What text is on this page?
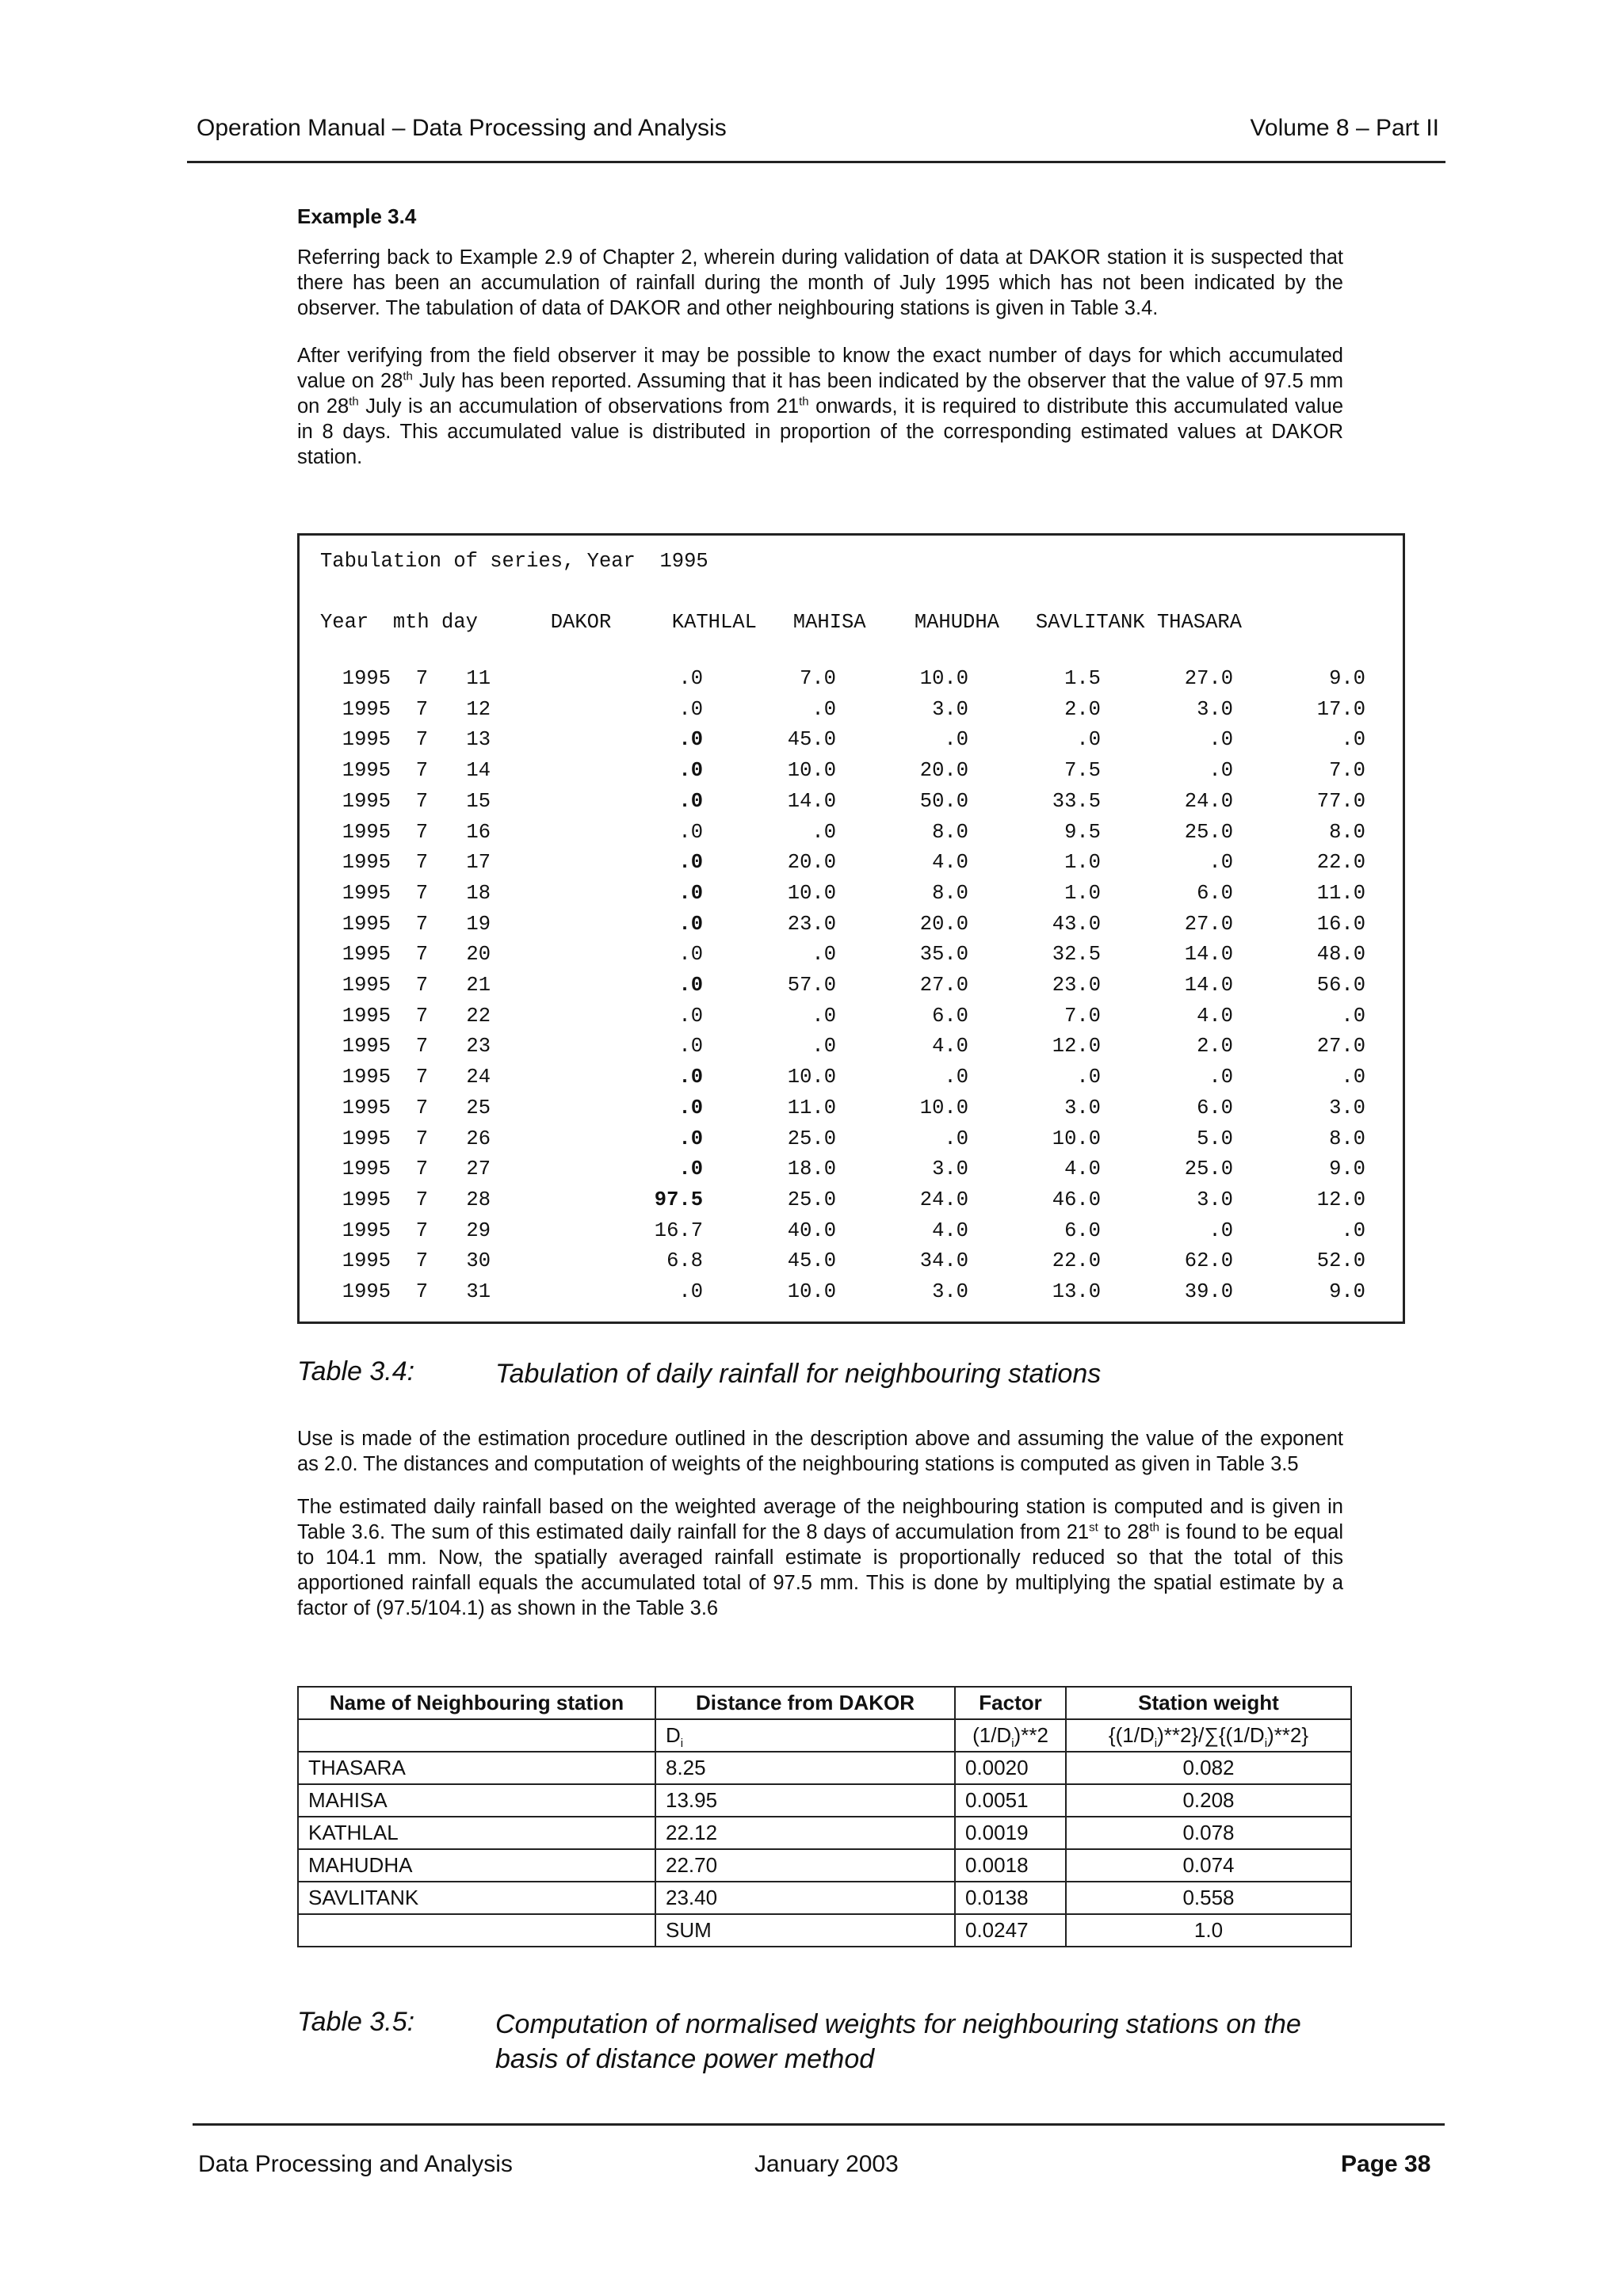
Operation Manual – Data Processing and Analysis	Volume 8 – Part II
Example 3.4

Referring back to Example 2.9 of Chapter 2, wherein during validation of data at DAKOR station it is suspected that there has been an accumulation of rainfall during the month of July 1995 which has not been indicated by the observer. The tabulation of data of DAKOR and other neighbouring stations is given in Table 3.4.

After verifying from the field observer it may be possible to know the exact number of days for which accumulated value on 28th July has been reported. Assuming that it has been indicated by the observer that the value of 97.5 mm on 28th July is an accumulation of observations from 21th onwards, it is required to distribute this accumulated value in 8 days. This accumulated value is distributed in proportion of the corresponding estimated values at DAKOR station.

Tabulation of series, Year  1995
Year  mth day      DAKOR     KATHLAL   MAHISA    MAHUDHA   SAVLITANK THASARA
1995	7	11	.0	7.0	10.0	1.5	27.0	9.0
1995	7	12	.0	.0	3.0	2.0	3.0	17.0
1995	7	13	.0	45.0	.0	.0	.0	.0
1995	7	14	.0	10.0	20.0	7.5	.0	7.0
1995	7	15	.0	14.0	50.0	33.5	24.0	77.0
1995	7	16	.0	.0	8.0	9.5	25.0	8.0
1995	7	17	.0	20.0	4.0	1.0	.0	22.0
1995	7	18	.0	10.0	8.0	1.0	6.0	11.0
1995	7	19	.0	23.0	20.0	43.0	27.0	16.0
1995	7	20	.0	.0	35.0	32.5	14.0	48.0
1995	7	21	.0	57.0	27.0	23.0	14.0	56.0
1995	7	22	.0	.0	6.0	7.0	4.0	.0
1995	7	23	.0	.0	4.0	12.0	2.0	27.0
1995	7	24	.0	10.0	.0	.0	.0	.0
1995	7	25	.0	11.0	10.0	3.0	6.0	3.0
1995	7	26	.0	25.0	.0	10.0	5.0	8.0
1995	7	27	.0	18.0	3.0	4.0	25.0	9.0
1995	7	28	97.5	25.0	24.0	46.0	3.0	12.0
1995	7	29	16.7	40.0	4.0	6.0	.0	.0
1995	7	30	6.8	45.0	34.0	22.0	62.0	52.0
1995	7	31	.0	10.0	3.0	13.0	39.0	9.0
Table 3.4:	Tabulation of daily rainfall for neighbouring stations

Use is made of the estimation procedure outlined in the description above and assuming the value of the exponent as 2.0. The distances and computation of weights of the neighbouring stations is computed as given in Table 3.5

The estimated daily rainfall based on the weighted average of the neighbouring station is computed and is given in Table 3.6. The sum of this estimated daily rainfall for the 8 days of accumulation from 21st to 28th is found to be equal to 104.1 mm. Now, the spatially averaged rainfall estimate is proportionally reduced so that the total of this apportioned rainfall equals the accumulated total of 97.5 mm. This is done by multiplying the spatial estimate by a factor of (97.5/104.1) as shown in the Table 3.6

Name of Neighbouring station	Distance from DAKOR	Factor	Station weight
	$D_i$	$(1/D_i)**2$	$\{(1/D_i)**2\}/\sum\{(1/D_i)**2\}$
THASARA	8.25	0.0020	0.082
MAHISA	13.95	0.0051	0.208
KATHLAL	22.12	0.0019	0.078
MAHUDHA	22.70	0.0018	0.074
SAVLITANK	23.40	0.0138	0.558
	SUM	0.0247	1.0
Table 3.5:	Computation of normalised weights for neighbouring stations on the
basis of distance power method
Data Processing and Analysis	January 2003	Page 38
